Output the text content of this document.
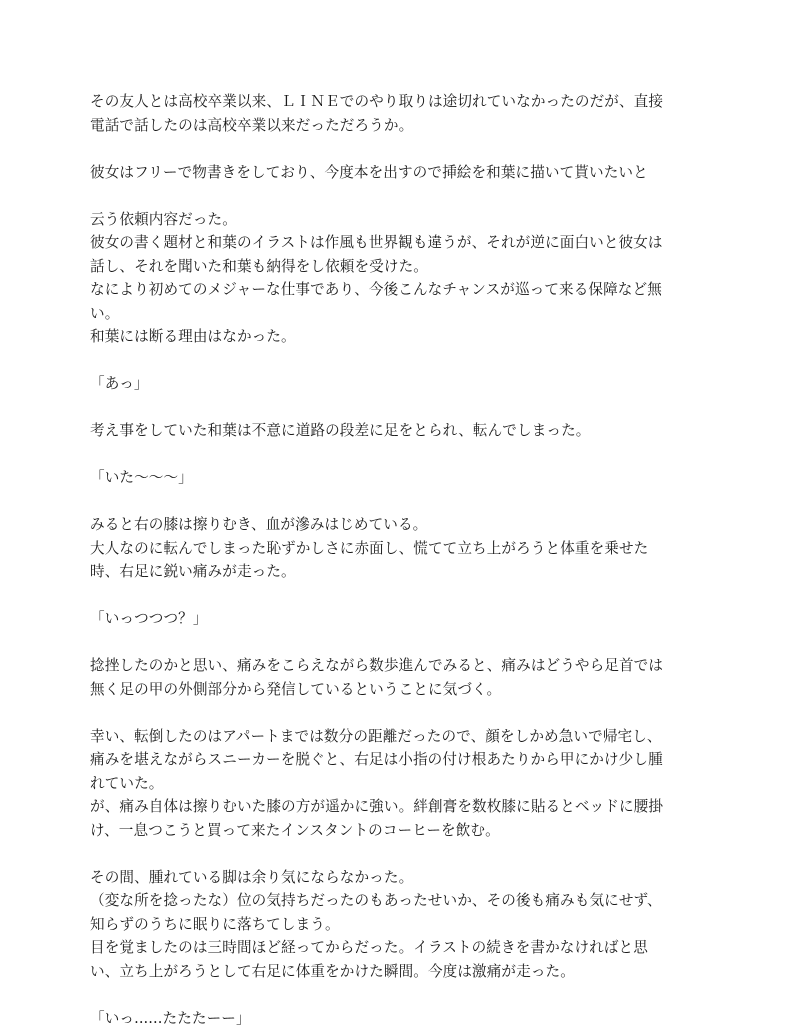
その友人とは高校卒業以来、ＬＩＮＥでのやり取りは途切れていなかったのだが、直接
電話で話したのは高校卒業以来だっただろうか。
彼女はフリーで物書きをしており、今度本を出すので挿絵を和葉に描いて貰いたいと
云う依頼内容だった。
彼女の書く題材と和葉のイラストは作風も世界観も違うが、それが逆に面白いと彼女は
話し、それを聞いた和葉も納得をし依頼を受けた。
なにより初めてのメジャーな仕事であり、今後こんなチャンスが巡って来る保障など無
い。
和葉には断る理由はなかった。
「あっ」
考え事をしていた和葉は不意に道路の段差に足をとられ、転んでしまった。
「いた～～～」
みると右の膝は擦りむき、血が滲みはじめている。
大人なのに転んでしまった恥ずかしさに赤面し、慌てて立ち上がろうと体重を乗せた
時、右足に鋭い痛みが走った。
「いっつつつ？」
捻挫したのかと思い、痛みをこらえながら数歩進んでみると、痛みはどうやら足首では
無く足の甲の外側部分から発信しているということに気づく。
幸い、転倒したのはアパートまでは数分の距離だったので、顔をしかめ急いで帰宅し、
痛みを堪えながらスニーカーを脱ぐと、右足は小指の付け根あたりから甲にかけ少し腫
れていた。
が、痛み自体は擦りむいた膝の方が遥かに強い。絆創膏を数枚膝に貼るとベッドに腰掛
け、一息つこうと買って来たインスタントのコーヒーを飲む。
その間、腫れている脚は余り気にならなかった。
（変な所を捻ったな）位の気持ちだったのもあったせいか、その後も痛みも気にせず、
知らずのうちに眠りに落ちてしまう。
目を覚ましたのは三時間ほど経ってからだった。イラストの続きを書かなければと思
い、立ち上がろうとして右足に体重をかけた瞬間。今度は激痛が走った。
「いっ......たたたーー」
